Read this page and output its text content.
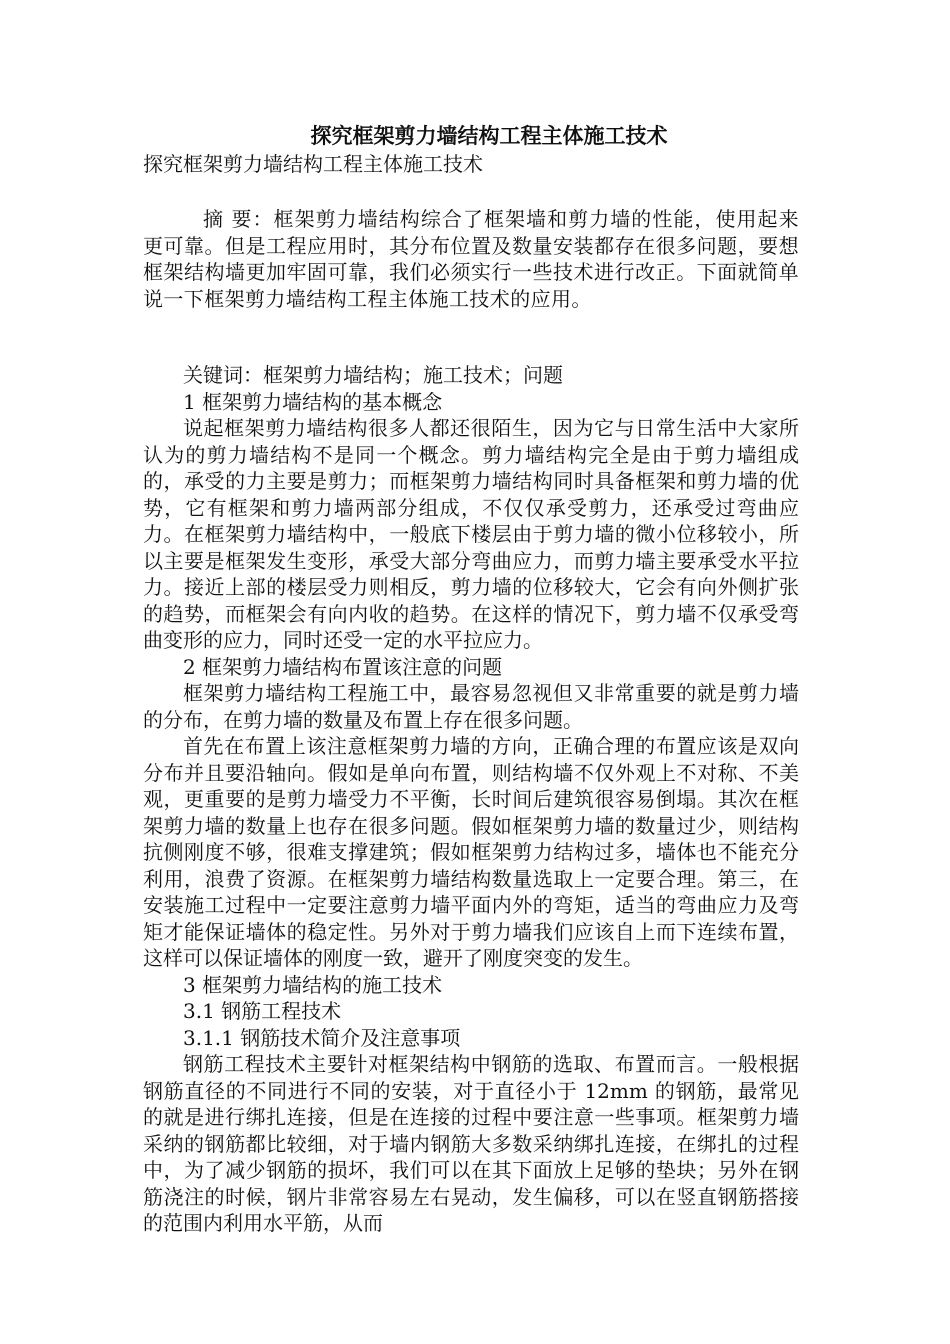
探究框架剪力墙结构工程主体施工技术

探究框架剪力墙结构工程主体施工技术

摘 要：框架剪力墙结构综合了框架墙和剪力墙的性能，使用起来更可靠。但是工程应用时，其分布位置及数量安装都存在很多问题，要想框架结构墙更加牢固可靠，我们必须实行一些技术进行改正。下面就简单说一下框架剪力墙结构工程主体施工技术的应用。

关键词：框架剪力墙结构；施工技术；问题

1 框架剪力墙结构的基本概念

说起框架剪力墙结构很多人都还很陌生，因为它与日常生活中大家所认为的剪力墙结构不是同一个概念。剪力墙结构完全是由于剪力墙组成的，承受的力主要是剪力；而框架剪力墙结构同时具备框架和剪力墙的优势，它有框架和剪力墙两部分组成，不仅仅承受剪力，还承受过弯曲应力。在框架剪力墙结构中，一般底下楼层由于剪力墙的微小位移较小，所以主要是框架发生变形，承受大部分弯曲应力，而剪力墙主要承受水平拉力。接近上部的楼层受力则相反，剪力墙的位移较大，它会有向外侧扩张的趋势，而框架会有向内收的趋势。在这样的情况下，剪力墙不仅承受弯曲变形的应力，同时还受一定的水平拉应力。

2 框架剪力墙结构布置该注意的问题

框架剪力墙结构工程施工中，最容易忽视但又非常重要的就是剪力墙的分布，在剪力墙的数量及布置上存在很多问题。

首先在布置上该注意框架剪力墙的方向，正确合理的布置应该是双向分布并且要沿轴向。假如是单向布置，则结构墙不仅外观上不对称、不美观，更重要的是剪力墙受力不平衡，长时间后建筑很容易倒塌。其次在框架剪力墙的数量上也存在很多问题。假如框架剪力墙的数量过少，则结构抗侧刚度不够，很难支撑建筑；假如框架剪力结构过多，墙体也不能充分利用，浪费了资源。在框架剪力墙结构数量选取上一定要合理。第三，在安装施工过程中一定要注意剪力墙平面内外的弯矩，适当的弯曲应力及弯矩才能保证墙体的稳定性。另外对于剪力墙我们应该自上而下连续布置，这样可以保证墙体的刚度一致，避开了刚度突变的发生。

3 框架剪力墙结构的施工技术

3.1 钢筋工程技术

3.1.1 钢筋技术简介及注意事项

钢筋工程技术主要针对框架结构中钢筋的选取、布置而言。一般根据钢筋直径的不同进行不同的安装，对于直径小于 12mm 的钢筋，最常见的就是进行绑扎连接，但是在连接的过程中要注意一些事项。框架剪力墙采纳的钢筋都比较细，对于墙内钢筋大多数采纳绑扎连接，在绑扎的过程中，为了减少钢筋的损坏，我们可以在其下面放上足够的垫块；另外在钢筋浇注的时候，钢片非常容易左右晃动，发生偏移，可以在竖直钢筋搭接的范围内利用水平筋，从而
